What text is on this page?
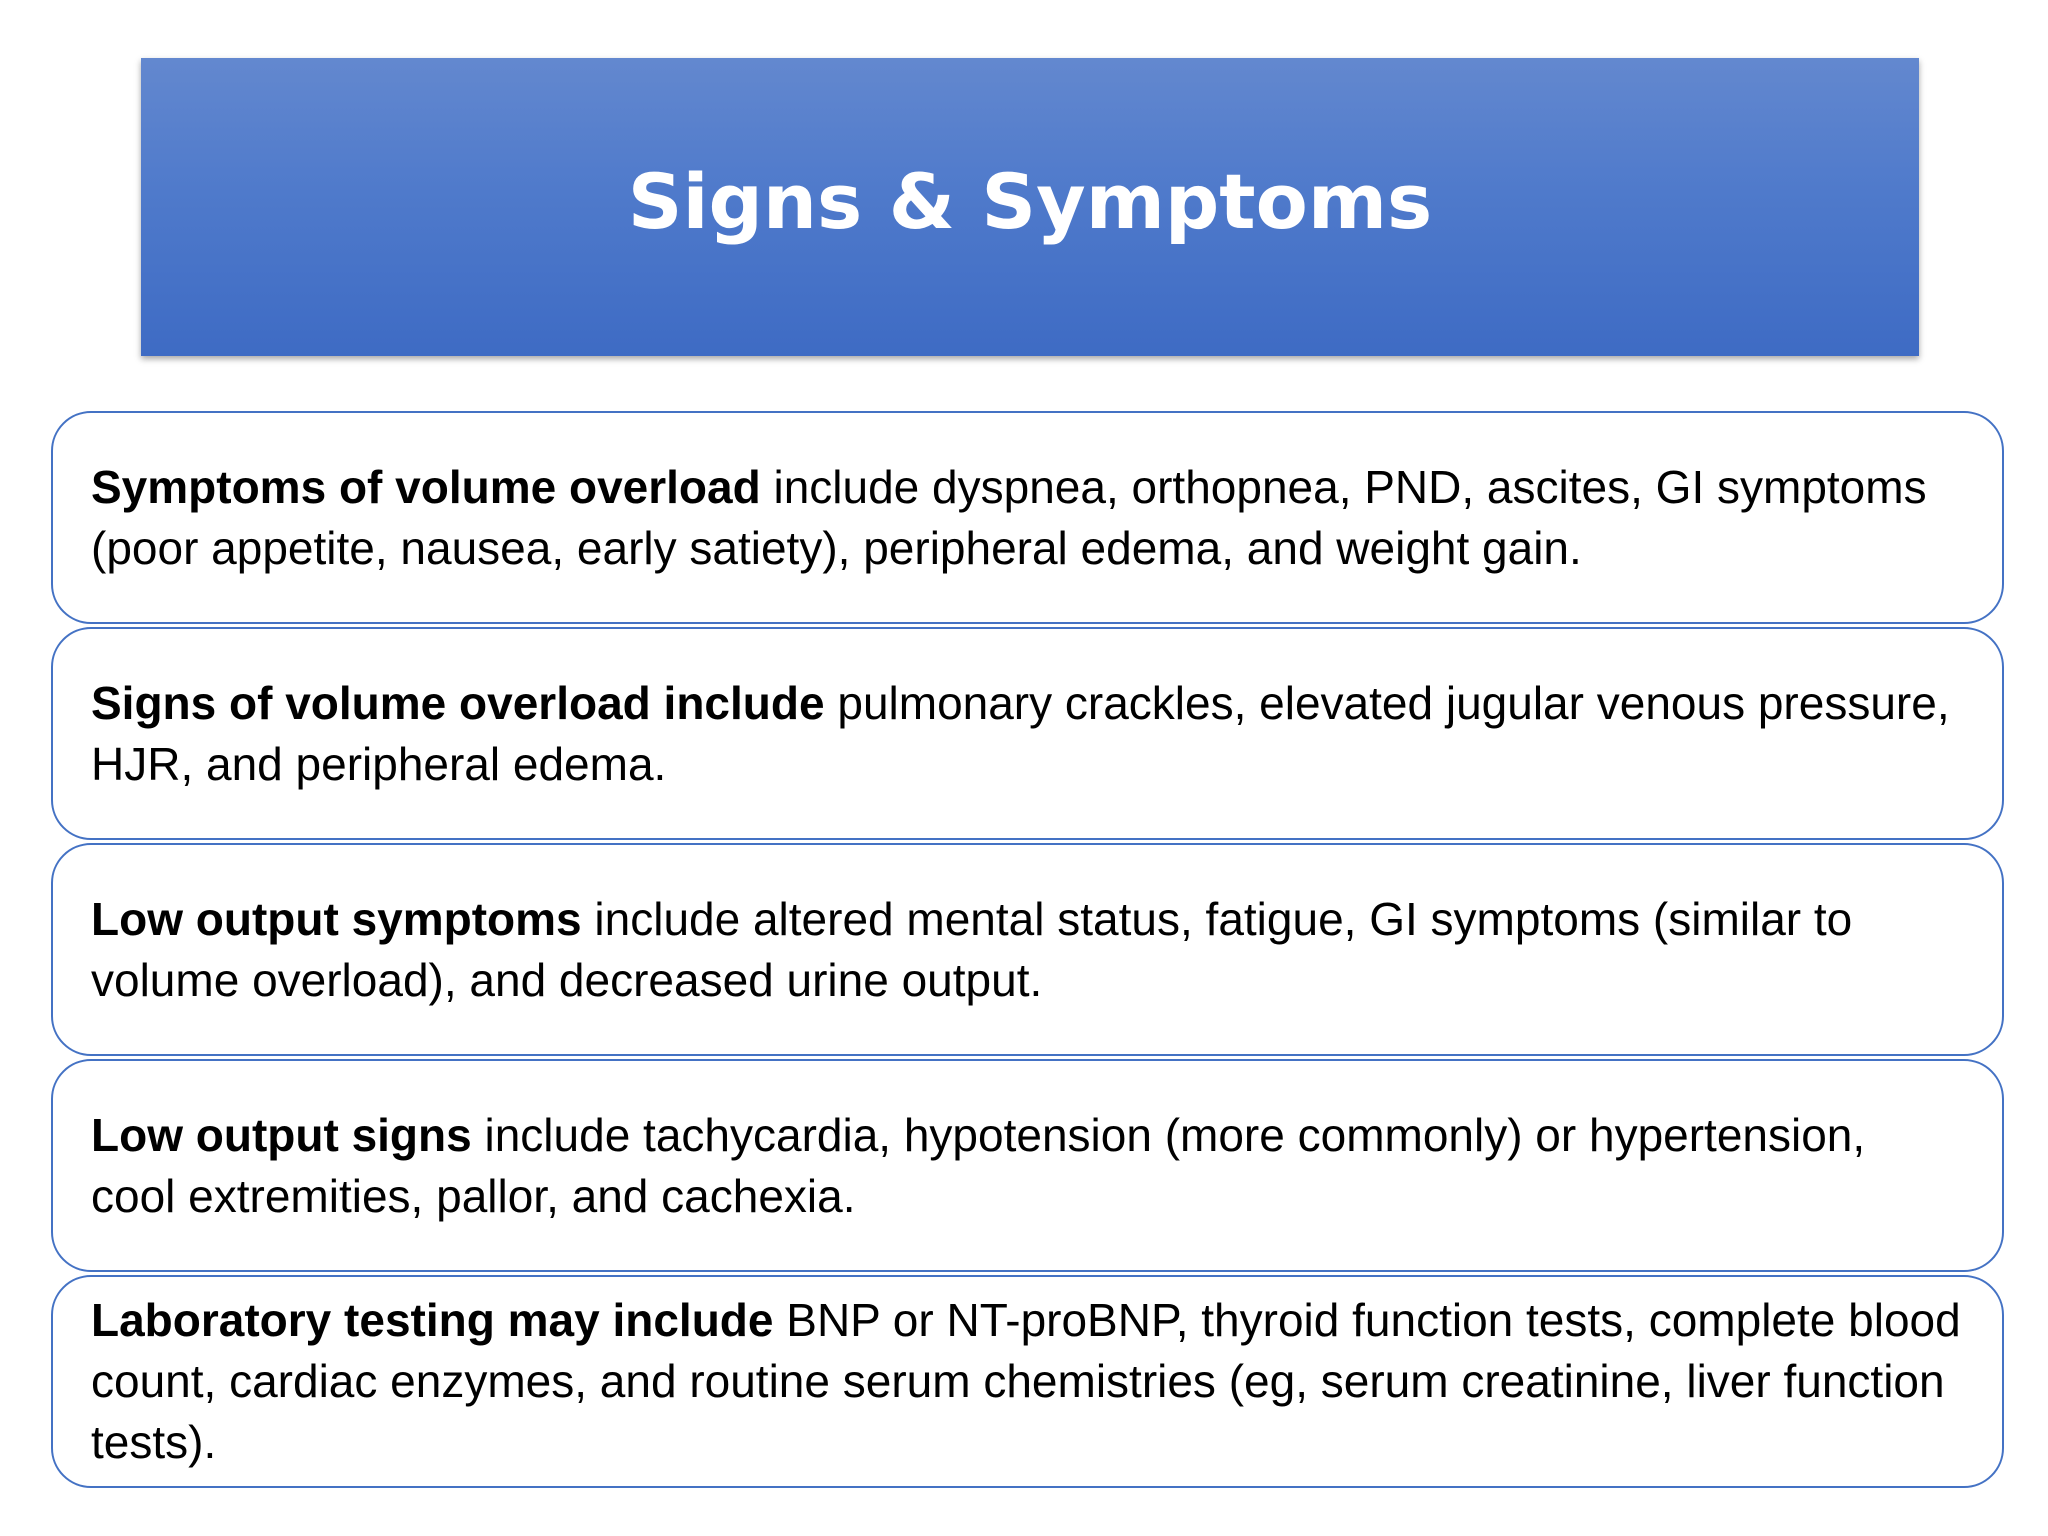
Signs & Symptoms

Symptoms of volume overload include dyspnea, orthopnea, PND, ascites, GI symptoms (poor appetite, nausea, early satiety), peripheral edema, and weight gain.

Signs of volume overload include pulmonary crackles, elevated jugular venous pressure, HJR, and peripheral edema.

Low output symptoms include altered mental status, fatigue, GI symptoms (similar to volume overload), and decreased urine output.

Low output signs include tachycardia, hypotension (more commonly) or hypertension, cool extremities, pallor, and cachexia.

Laboratory testing may include BNP or NT-proBNP, thyroid function tests, complete blood count, cardiac enzymes, and routine serum chemistries (eg, serum creatinine, liver function tests).
